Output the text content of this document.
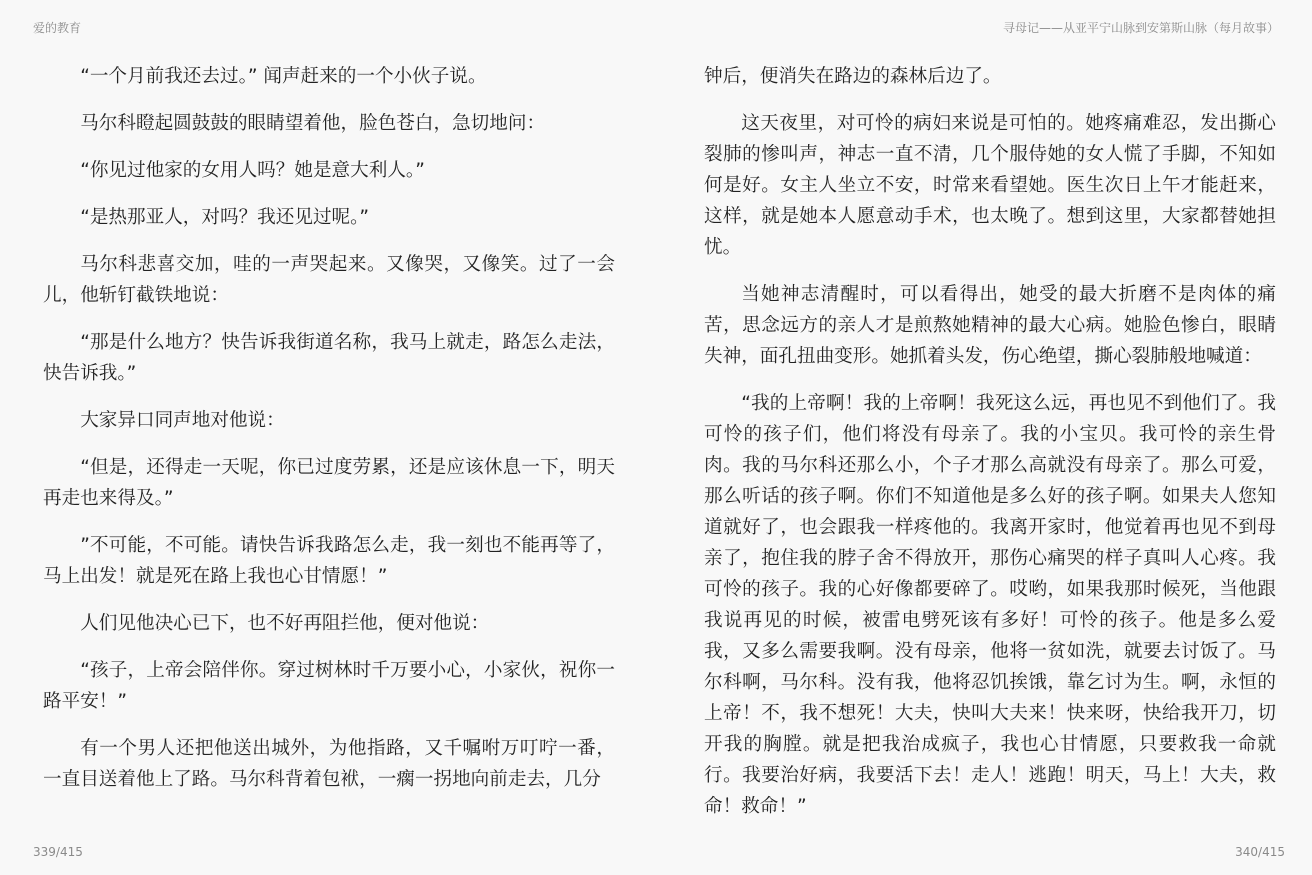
爱的教育	寻母记——从亚平宁山脉到安第斯山脉（每月故事）

“一个月前我还去过。” 闻声赶来的一个小伙子说。

马尔科瞪起圆鼓鼓的眼睛望着他，脸色苍白，急切地问：

“你见过他家的女用人吗？她是意大利人。”

“是热那亚人，对吗？我还见过呢。”

马尔科悲喜交加，哇的一声哭起来。又像哭，又像笑。过了一会儿，他斩钉截铁地说：

“那是什么地方？快告诉我街道名称，我马上就走，路怎么走法，快告诉我。”

大家异口同声地对他说：

“但是，还得走一天呢，你已过度劳累，还是应该休息一下，明天再走也来得及。”

”不可能，不可能。请快告诉我路怎么走，我一刻也不能再等了，马上出发！就是死在路上我也心甘情愿！”

人们见他决心已下，也不好再阻拦他，便对他说：

“孩子，上帝会陪伴你。穿过树林时千万要小心，小家伙，祝你一路平安！”

有一个男人还把他送出城外，为他指路，又千嘱咐万叮咛一番，一直目送着他上了路。马尔科背着包袱，一瘸一拐地向前走去，几分

钟后，便消失在路边的森林后边了。

这天夜里，对可怜的病妇来说是可怕的。她疼痛难忍，发出撕心裂肺的惨叫声，神志一直不清，几个服侍她的女人慌了手脚，不知如何是好。女主人坐立不安，时常来看望她。医生次日上午才能赶来，这样，就是她本人愿意动手术，也太晚了。想到这里，大家都替她担忧。

当她神志清醒时，可以看得出，她受的最大折磨不是肉体的痛苦，思念远方的亲人才是煎熬她精神的最大心病。她脸色惨白，眼睛失神，面孔扭曲变形。她抓着头发，伤心绝望，撕心裂肺般地喊道：

“我的上帝啊！我的上帝啊！我死这么远，再也见不到他们了。我可怜的孩子们，他们将没有母亲了。我的小宝贝。我可怜的亲生骨肉。我的马尔科还那么小，个子才那么高就没有母亲了。那么可爱，那么听话的孩子啊。你们不知道他是多么好的孩子啊。如果夫人您知道就好了，也会跟我一样疼他的。我离开家时，他觉着再也见不到母亲了，抱住我的脖子舍不得放开，那伤心痛哭的样子真叫人心疼。我可怜的孩子。我的心好像都要碎了。哎哟，如果我那时候死，当他跟我说再见的时候，被雷电劈死该有多好！可怜的孩子。他是多么爱我，又多么需要我啊。没有母亲，他将一贫如洗，就要去讨饭了。马尔科啊，马尔科。没有我，他将忍饥挨饿，靠乞讨为生。啊，永恒的上帝！不，我不想死！大夫，快叫大夫来！快来呀，快给我开刀，切开我的胸膛。就是把我治成疯子，我也心甘情愿，只要救我一命就行。我要治好病，我要活下去！走人！逃跑！明天，马上！大夫，救命！救命！”

339/415	340/415
